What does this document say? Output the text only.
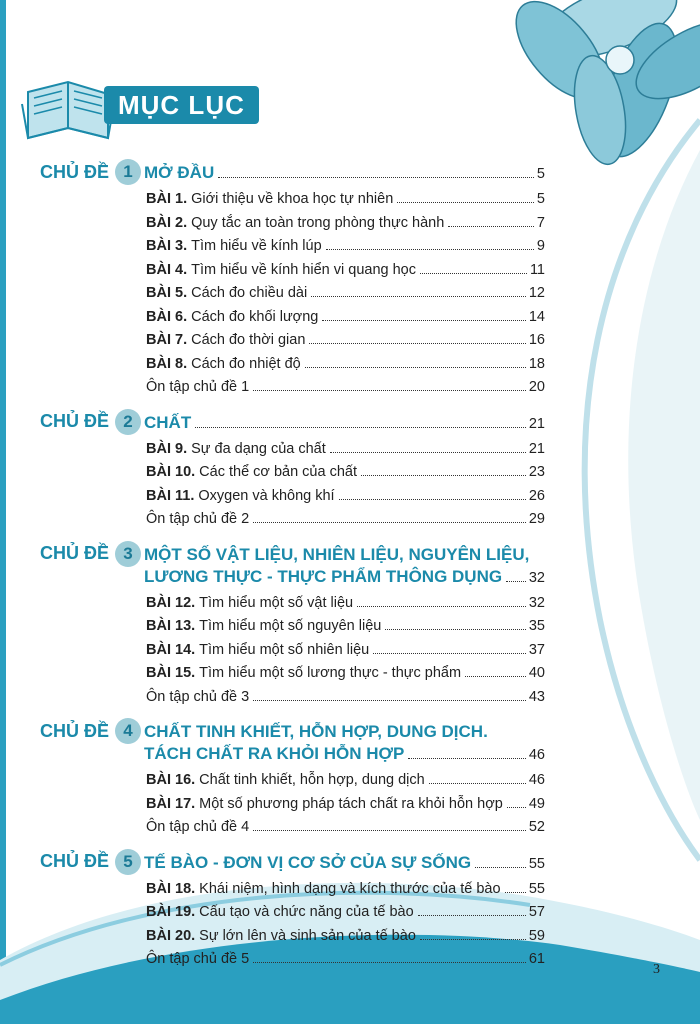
MỤC LỤC
CHỦ ĐỀ 1 MỞ ĐẦU	5
BÀI 1. Giới thiệu về khoa học tự nhiên	5
BÀI 2. Quy tắc an toàn trong phòng thực hành	7
BÀI 3. Tìm hiểu về kính lúp	9
BÀI 4. Tìm hiểu về kính hiển vi quang học	11
BÀI 5. Cách đo chiều dài	12
BÀI 6. Cách đo khối lượng	14
BÀI 7. Cách đo thời gian	16
BÀI 8. Cách đo nhiệt độ	18
Ôn tập chủ đề 1	20
CHỦ ĐỀ 2 CHẤT	21
BÀI 9. Sự đa dạng của chất	21
BÀI 10. Các thể cơ bản của chất	23
BÀI 11. Oxygen và không khí	26
Ôn tập chủ đề 2	29
CHỦ ĐỀ 3 MỘT SỐ VẬT LIỆU, NHIÊN LIỆU, NGUYÊN LIỆU,
LƯƠNG THỰC - THỰC PHẨM THÔNG DỤNG 32
BÀI 12. Tìm hiểu một số vật liệu	32
BÀI 13. Tìm hiểu một số nguyên liệu	35
BÀI 14. Tìm hiểu một số nhiên liệu	37
BÀI 15. Tìm hiểu một số lương thực - thực phẩm	40
Ôn tập chủ đề 3	43
CHỦ ĐỀ 4 CHẤT TINH KHIẾT, HỖN HỢP, DUNG DỊCH.
TÁCH CHẤT RA KHỎI HỖN HỢP	46
BÀI 16. Chất tinh khiết, hỗn hợp, dung dịch	46
BÀI 17. Một số phương pháp tách chất ra khỏi hỗn hợp 49
Ôn tập chủ đề 4	52
CHỦ ĐỀ 5 TẾ BÀO - ĐƠN VỊ CƠ SỞ CỦA SỰ SỐNG	55
BÀI 18. Khái niệm, hình dạng và kích thước của tế bào 55
BÀI 19. Cấu tạo và chức năng của tế bào	57
BÀI 20. Sự lớn lên và sinh sản của tế bào	59
Ôn tập chủ đề 5	61
3
